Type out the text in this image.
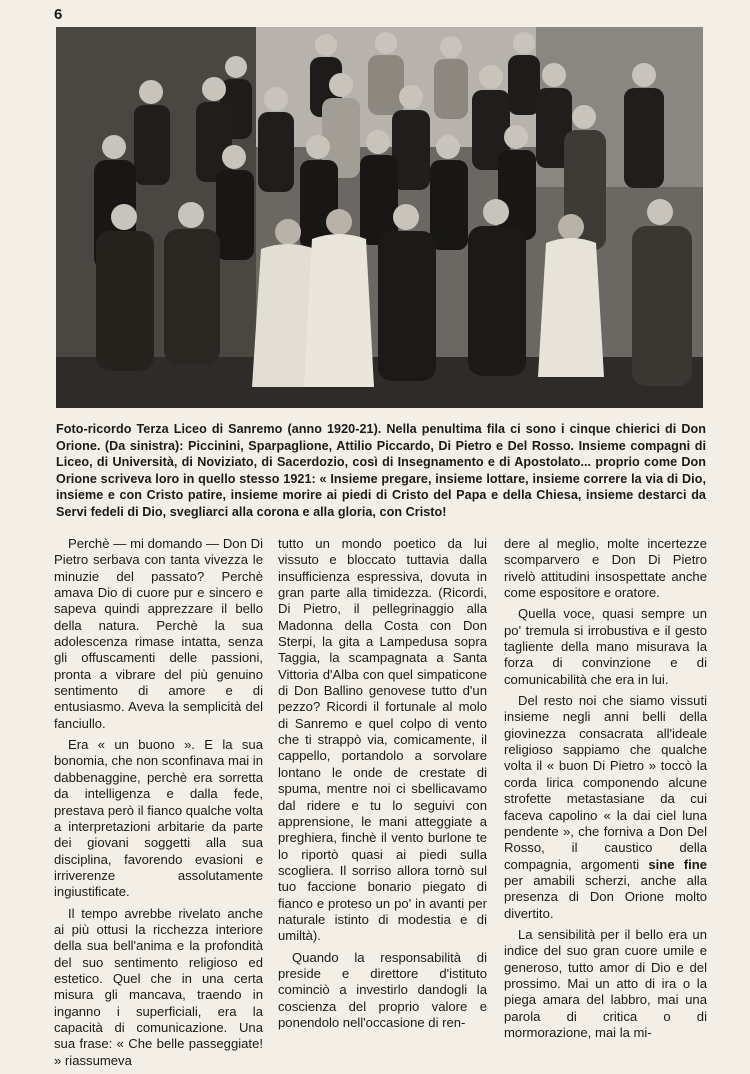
6
Foto-ricordo Terza Liceo di Sanremo (anno 1920-21). Nella penultima fila ci sono i cinque chierici di Don Orione. (Da sinistra): Piccinini, Sparpaglione, Attilio Piccardo, Di Pietro e Del Rosso. Insieme compagni di Liceo, di Università, di Noviziato, di Sacerdozio, così di Insegnamento e di Apostolato... proprio come Don Orione scriveva loro in quello stesso 1921: « Insieme pregare, insieme lottare, insieme correre la via di Dio, insieme e con Cristo patire, insieme morire ai piedi di Cristo del Papa e della Chiesa, insieme destarci da Servi fedeli di Dio, svegliarci alla corona e alla gloria, con Cristo!

Perchè — mi domando — Don Di Pietro serbava con tanta vivezza le minuzie del passato? Perchè amava Dio di cuore pur e sincero e sapeva quindi apprezzare il bello della natura. Perchè la sua adolescenza rimase intatta, senza gli offuscamenti delle passioni, pronta a vibrare del più genuino sentimento di amore e di entusiasmo. Aveva la semplicità del fanciullo.

Era « un buono ». E la sua bonomia, che non sconfinava mai in dabbenaggine, perchè era sorretta da intelligenza e dalla fede, prestava però il fianco qualche volta a interpretazioni arbitarie da parte dei giovani soggetti alla sua disciplina, favorendo evasioni e irriverenze assolutamente ingiustificate.

Il tempo avrebbe rivelato anche ai più ottusi la ricchezza interiore della sua bell'anima e la profondità del suo sentimento religioso ed estetico. Quel che in una certa misura gli mancava, traendo in inganno i superficiali, era la capacità di comunicazione. Una sua frase: « Che belle passeggiate! » riassumeva

tutto un mondo poetico da lui vissuto e bloccato tuttavia dalla insufficienza espressiva, dovuta in gran parte alla timidezza. (Ricordi, Di Pietro, il pellegrinaggio alla Madonna della Costa con Don Sterpi, la gita a Lampedusa sopra Taggia, la scampagnata a Santa Vittoria d'Alba con quel simpaticone di Don Ballino genovese tutto d'un pezzo? Ricordi il fortunale al molo di Sanremo e quel colpo di vento che ti strappò via, comicamente, il cappello, portandolo a sorvolare lontano le onde de crestate di spuma, mentre noi ci sbellicavamo dal ridere e tu lo seguivi con apprensione, le mani atteggiate a preghiera, finchè il vento burlone te lo riportò quasi ai piedi sulla scogliera. Il sorriso allora tornò sul tuo faccione bonario piegato di fianco e proteso un po' in avanti per naturale istinto di modestia e di umiltà).

Quando la responsabilità di preside e direttore d'istituto cominciò a investirlo dandogli la coscienza del proprio valore e ponendolo nell'occasione di ren-

dere al meglio, molte incertezze scomparvero e Don Di Pietro rivelò attitudini insospettate anche come espositore e oratore.

Quella voce, quasi sempre un po' tremula si irrobustiva e il gesto tagliente della mano misurava la forza di convinzione e di comunicabilità che era in lui.

Del resto noi che siamo vissuti insieme negli anni belli della giovinezza consacrata all'ideale religioso sappiamo che qualche volta il « buon Di Pietro » toccò la corda lirica componendo alcune strofette metastasiane da cui faceva capolino « la dai ciel luna pendente », che forniva a Don Del Rosso, il caustico della compagnia, argomenti sine fine per amabili scherzi, anche alla presenza di Don Orione molto divertito.

La sensibilità per il bello era un indice del suo gran cuore umile e generoso, tutto amor di Dio e del prossimo. Mai un atto di ira o la piega amara del labbro, mai una parola di critica o di mormorazione, mai la mi-
